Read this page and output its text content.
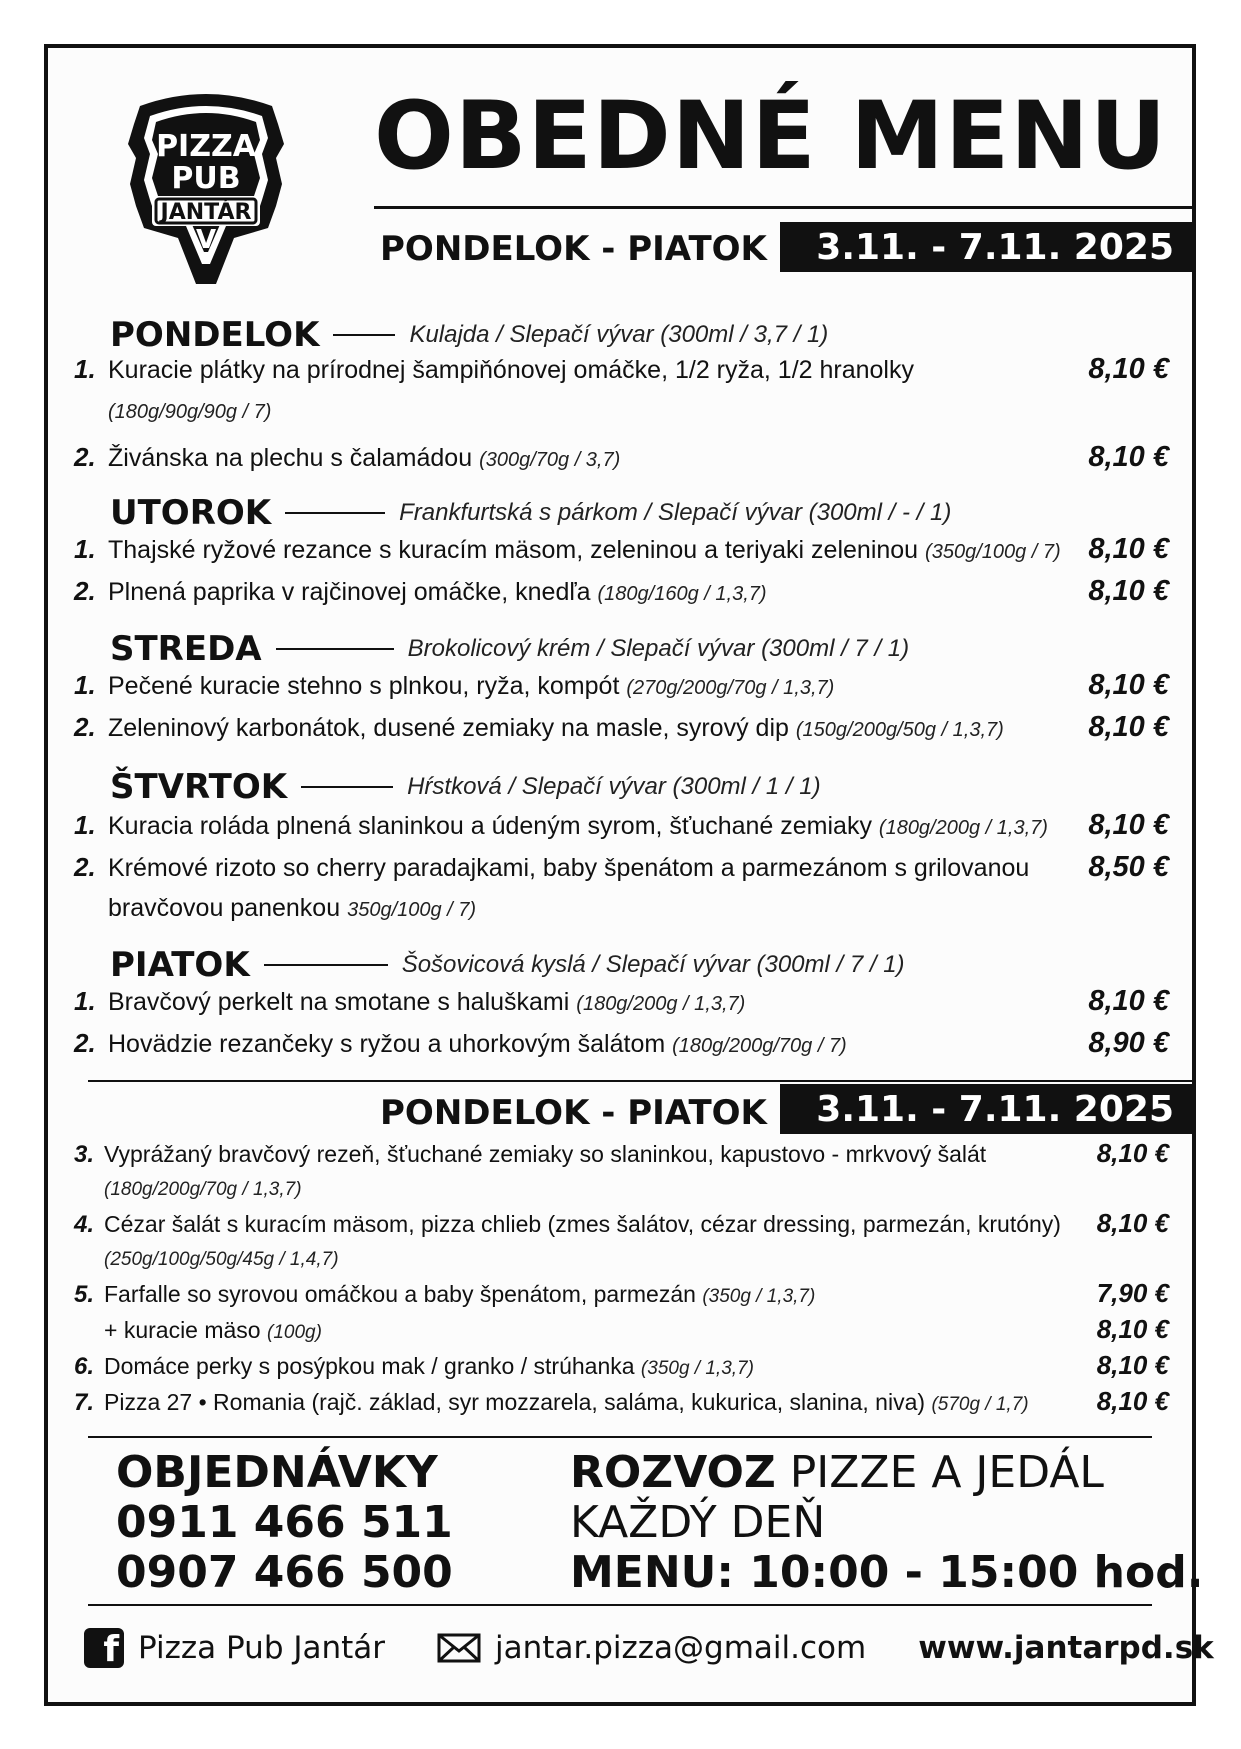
PIZZA
PUB
JANTÁR
V
OBEDNÉ MENU
PONDELOK - PIATOK	3.11. - 7.11. 2025
PONDELOK	Kulajda / Slepačí vývar (300ml / 3,7 / 1)
1. Kuracie plátky na prírodnej šampiňónovej omáčke, 1/2 ryža, 1/2 hranolky
(180g/90g/90g / 7)
8,10 €
2. Živánska na plechu s čalamádou (300g/70g / 3,7)	8,10 €
UTOROK	Frankfurtská s párkom / Slepačí vývar (300ml / - / 1)
1. Thajské ryžové rezance s kuracím mäsom, zeleninou a teriyaki zeleninou (350g/100g / 7) 8,10 €
2. Plnená paprika v rajčinovej omáčke, knedľa (180g/160g / 1,3,7)	8,10 €
STREDA	Brokolicový krém / Slepačí vývar (300ml / 7 / 1)
1. Pečené kuracie stehno s plnkou, ryža, kompót (270g/200g/70g / 1,3,7)	8,10 €
2. Zeleninový karbonátok, dusené zemiaky na masle, syrový dip (150g/200g/50g / 1,3,7)	8,10 €
ŠTVRTOK	Hŕstková / Slepačí vývar (300ml / 1 / 1)
1. Kuracia roláda plnená slaninkou a údeným syrom, šťuchané zemiaky (180g/200g / 1,3,7)	8,10 €
2. Krémové rizoto so cherry paradajkami, baby špenátom a parmezánom s grilovanou bravčovou panenkou 350g/100g / 7)
8,50 €
PIATOK	Šošovicová kyslá / Slepačí vývar (300ml / 7 / 1)
1. Bravčový perkelt na smotane s haluškami (180g/200g / 1,3,7)	8,10 €
2. Hovädzie rezančeky s ryžou a uhorkovým šalátom (180g/200g/70g / 7)	8,90 €
PONDELOK - PIATOK	3.11. - 7.11. 2025
3. Vyprážaný bravčový rezeň, šťuchané zemiaky so slaninkou, kapustovo - mrkvový šalát
(180g/200g/70g / 1,3,7)
8,10 €
4. Cézar šalát s kuracím mäsom, pizza chlieb (zmes šalátov, cézar dressing, parmezán, krutóny)
(250g/100g/50g/45g / 1,4,7)
8,10 €
5. Farfalle so syrovou omáčkou a baby špenátom, parmezán (350g / 1,3,7)	7,90 €
+ kuracie mäso (100g)	8,10 €
6. Domáce perky s posýpkou mak / granko / strúhanka (350g / 1,3,7)	8,10 €
7. Pizza 27 • Romania (rajč. základ, syr mozzarela, saláma, kukurica, slanina, niva) (570g / 1,7)	8,10 €
OBJEDNÁVKY
0911 466 511
0907 466 500
ROZVOZ PIZZE A JEDÁL
KAŽDÝ DEŇ
MENU: 10:00 - 15:00 hod.
f Pizza Pub Jantár	jantar.pizza@gmail.com www.jantarpd.sk
